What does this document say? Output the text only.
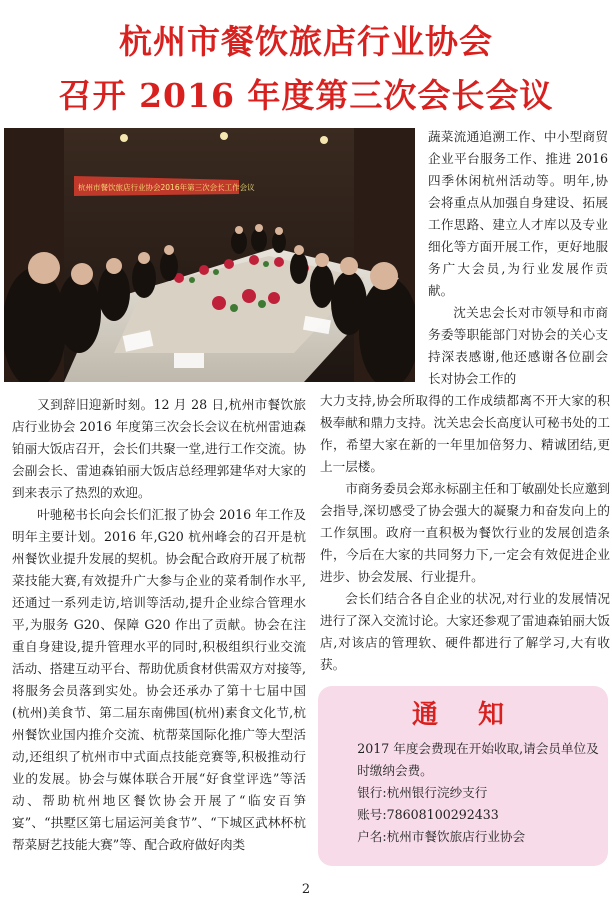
杭州市餐饮旅店行业协会
召开 2016 年度第三次会长会议
杭州市餐饮旅店行业协会2016年第三次会长工作会议

蔬菜流通追溯工作、中小型商贸企业平台服务工作、推进 2016 四季休闲杭州活动等。明年,协会将重点从加强自身建设、拓展工作思路、建立人才库以及专业细化等方面开展工作，更好地服务广大会员,为行业发展作贡献。

沈关忠会长对市领导和市商务委等职能部门对协会的关心支持深表感谢,他还感谢各位副会长对协会工作的

又到辞旧迎新时刻。12 月 28 日,杭州市餐饮旅店行业协会 2016 年度第三次会长会议在杭州雷迪森铂丽大饭店召开，会长们共聚一堂,进行工作交流。协会副会长、雷迪森铂丽大饭店总经理郭建华对大家的到来表示了热烈的欢迎。

叶驰秘书长向会长们汇报了协会 2016 年工作及明年主要计划。2016 年,G20 杭州峰会的召开是杭州餐饮业提升发展的契机。协会配合政府开展了杭帮菜技能大赛,有效提升广大参与企业的菜肴制作水平,还通过一系列走访,培训等活动,提升企业综合管理水平,为服务 G20、保障 G20 作出了贡献。协会在注重自身建设,提升管理水平的同时,积极组织行业交流活动、搭建互动平台、帮助优质食材供需双方对接等,将服务会员落到实处。协会还承办了第十七届中国(杭州)美食节、第二届东南佛国(杭州)素食文化节,杭州餐饮业国内推介交流、杭帮菜国际化推广等大型活动,还组织了杭州市中式面点技能竞赛等,积极推动行业的发展。协会与媒体联合开展“好食堂评选”等活动、帮助杭州地区餐饮协会开展了“临安百笋宴”、“拱墅区第七届运河美食节”、“下城区武林杯杭帮菜厨艺技能大赛”等、配合政府做好肉类

大力支持,协会所取得的工作成绩都离不开大家的积极奉献和鼎力支持。沈关忠会长高度认可秘书处的工作，希望大家在新的一年里加倍努力、精诚团结,更上一层楼。

市商务委员会郑永标副主任和丁敏副处长应邀到会指导,深切感受了协会强大的凝聚力和奋发向上的工作氛围。政府一直积极为餐饮行业的发展创造条件，今后在大家的共同努力下,一定会有效促进企业进步、协会发展、行业提升。

会长们结合各自企业的状况,对行业的发展情况进行了深入交流讨论。大家还参观了雷迪森铂丽大饭店,对该店的管理软、硬件都进行了解学习,大有收获。

通知
2017 年度会费现在开始收取,请会员单位及时缴纳会费。
银行:杭州银行浣纱支行
账号:78608100292433
户名:杭州市餐饮旅店行业协会
2
